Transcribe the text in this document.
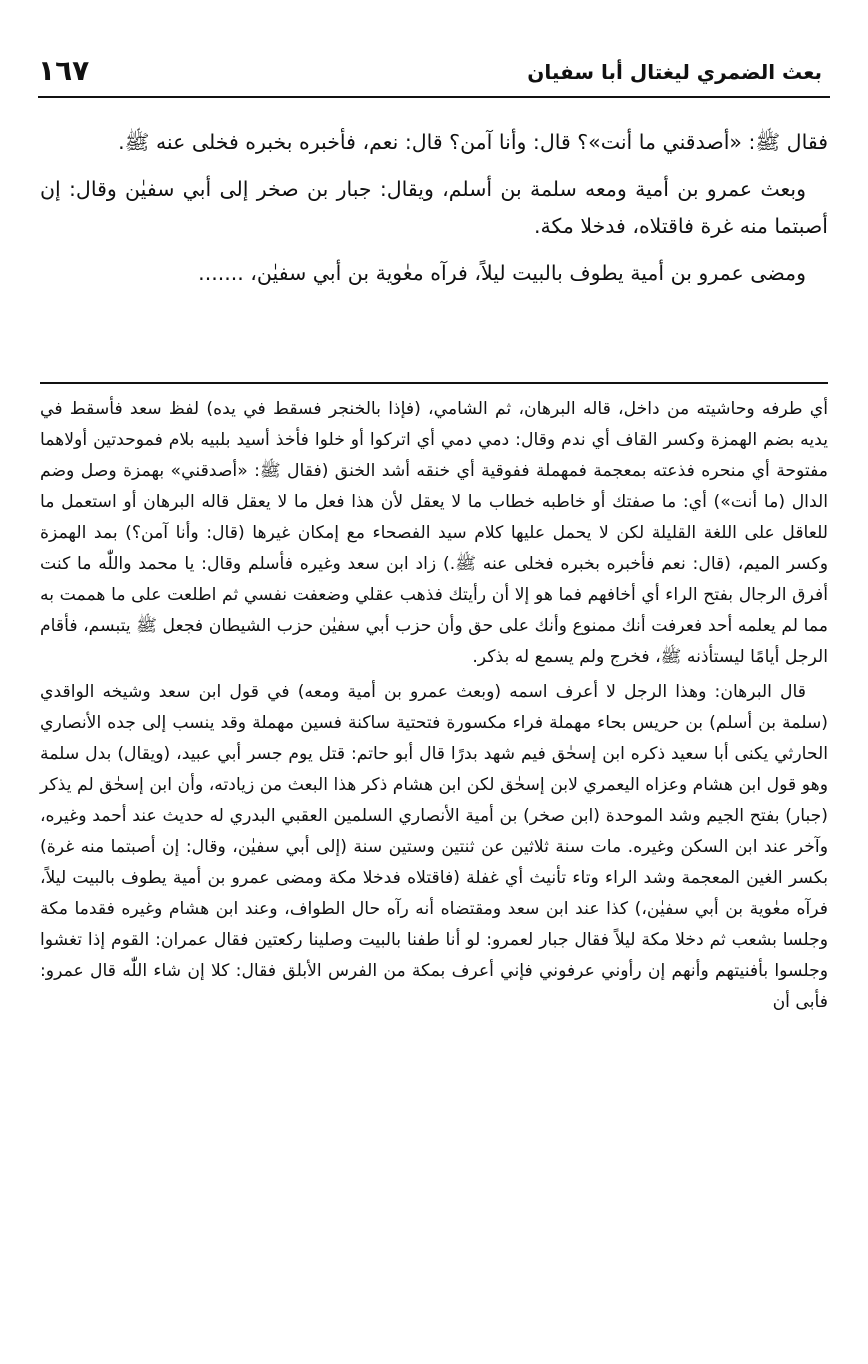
بعث الضمري ليغتال أبا سفيان
١٦٧

فقال ﷺ: «أصدقني ما أنت»؟ قال: وأنا آمن؟ قال: نعم، فأخبره بخبره فخلى عنه ﷺ.

وبعث عمرو بن أمية ومعه سلمة بن أسلم، ويقال: جبار بن صخر إلى أبي سفيٰن وقال: إن أصبتما منه غرة فاقتلاه، فدخلا مكة.

ومضى عمرو بن أمية يطوف بالبيت ليلاً، فرآه معٰوية بن أبي سفيٰن، .......

أي طرفه وحاشيته من داخل، قاله البرهان، ثم الشامي، (فإذا بالخنجر فسقط في يده) لفظ سعد فأسقط في يديه بضم الهمزة وكسر القاف أي ندم وقال: دمي دمي أي اتركوا أو خلوا فأخذ أسيد بلبيه بلام فموحدتين أولاهما مفتوحة أي منحره فذعته بمعجمة فمهملة ففوقية أي خنقه أشد الخنق (فقال ﷺ: «أصدقني» بهمزة وصل وضم الدال (ما أنت») أي: ما صفتك أو خاطبه خطاب ما لا يعقل لأن هذا فعل ما لا يعقل قاله البرهان أو استعمل ما للعاقل على اللغة القليلة لكن لا يحمل عليها كلام سيد الفصحاء مع إمكان غيرها (قال: وأنا آمن؟) بمد الهمزة وكسر الميم، (قال: نعم فأخبره بخبره فخلى عنه ﷺ.) زاد ابن سعد وغيره فأسلم وقال: يا محمد واللّٰه ما كنت أفرق الرجال بفتح الراء أي أخافهم فما هو إلا أن رأيتك فذهب عقلي وضعفت نفسي ثم اطلعت على ما هممت به مما لم يعلمه أحد فعرفت أنك ممنوع وأنك على حق وأن حزب أبي سفيٰن حزب الشيطان فجعل ﷺ يتبسم، فأقام الرجل أيامًا ليستأذنه ﷺ، فخرج ولم يسمع له بذكر.

قال البرهان: وهذا الرجل لا أعرف اسمه (وبعث عمرو بن أمية ومعه) في قول ابن سعد وشيخه الواقدي (سلمة بن أسلم) بن حريس بحاء مهملة فراء مكسورة فتحتية ساكنة فسين مهملة وقد ينسب إلى جده الأنصاري الحارثي يكنى أبا سعيد ذكره ابن إسحٰق فيم شهد بدرًا قال أبو حاتم: قتل يوم جسر أبي عبيد، (ويقال) بدل سلمة وهو قول ابن هشام وعزاه اليعمري لابن إسحٰق لكن ابن هشام ذكر هذا البعث من زيادته، وأن ابن إسحٰق لم يذكر (جبار) بفتح الجيم وشد الموحدة (ابن صخر) بن أمية الأنصاري السلمين العقبي البدري له حديث عند أحمد وغيره، وآخر عند ابن السكن وغيره. مات سنة ثلاثين عن ثنتين وستين سنة (إلى أبي سفيٰن، وقال: إن أصبتما منه غرة) بكسر الغين المعجمة وشد الراء وتاء تأنيث أي غفلة (فاقتلاه فدخلا مكة ومضى عمرو بن أمية يطوف بالبيت ليلاً، فرآه معٰوية بن أبي سفيٰن،) كذا عند ابن سعد ومقتضاه أنه رآه حال الطواف، وعند ابن هشام وغيره فقدما مكة وجلسا بشعب ثم دخلا مكة ليلاً فقال جبار لعمرو: لو أنا طفنا بالبيت وصلينا ركعتين فقال عمران: القوم إذا تغشوا وجلسوا بأفنيتهم وأنهم إن رأوني عرفوني فإني أعرف بمكة من الفرس الأبلق فقال: كلا إن شاء اللّٰه قال عمرو: فأبى أن
